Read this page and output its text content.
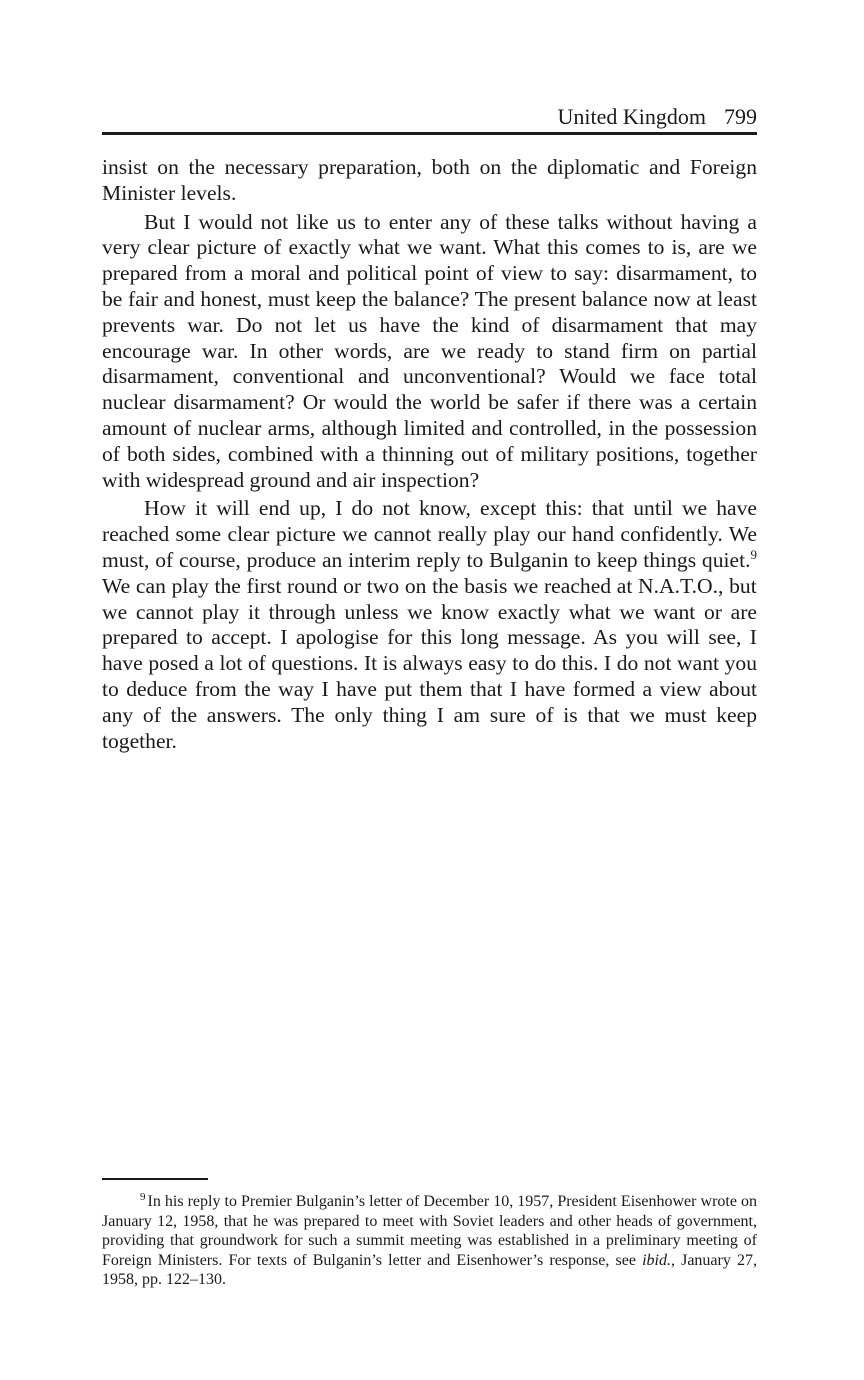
United Kingdom 799

insist on the necessary preparation, both on the diplomatic and Foreign Minister levels.

But I would not like us to enter any of these talks without having a very clear picture of exactly what we want. What this comes to is, are we prepared from a moral and political point of view to say: disarmament, to be fair and honest, must keep the balance? The present balance now at least prevents war. Do not let us have the kind of disarmament that may encourage war. In other words, are we ready to stand firm on partial disarmament, conventional and unconventional? Would we face total nuclear disarmament? Or would the world be safer if there was a certain amount of nuclear arms, although limited and controlled, in the possession of both sides, combined with a thinning out of military positions, together with widespread ground and air inspection?

How it will end up, I do not know, except this: that until we have reached some clear picture we cannot really play our hand confidently. We must, of course, produce an interim reply to Bulganin to keep things quiet.$^9$ We can play the first round or two on the basis we reached at N.A.T.O., but we cannot play it through unless we know exactly what we want or are prepared to accept. I apologise for this long message. As you will see, I have posed a lot of questions. It is always easy to do this. I do not want you to deduce from the way I have put them that I have formed a view about any of the answers. The only thing I am sure of is that we must keep together.

$^9$ In his reply to Premier Bulganin’s letter of December 10, 1957, President Eisenhower wrote on January 12, 1958, that he was prepared to meet with Soviet leaders and other heads of government, providing that groundwork for such a summit meeting was established in a preliminary meeting of Foreign Ministers. For texts of Bulganin’s letter and Eisenhower’s response, see ibid., January 27, 1958, pp. 122–130.
